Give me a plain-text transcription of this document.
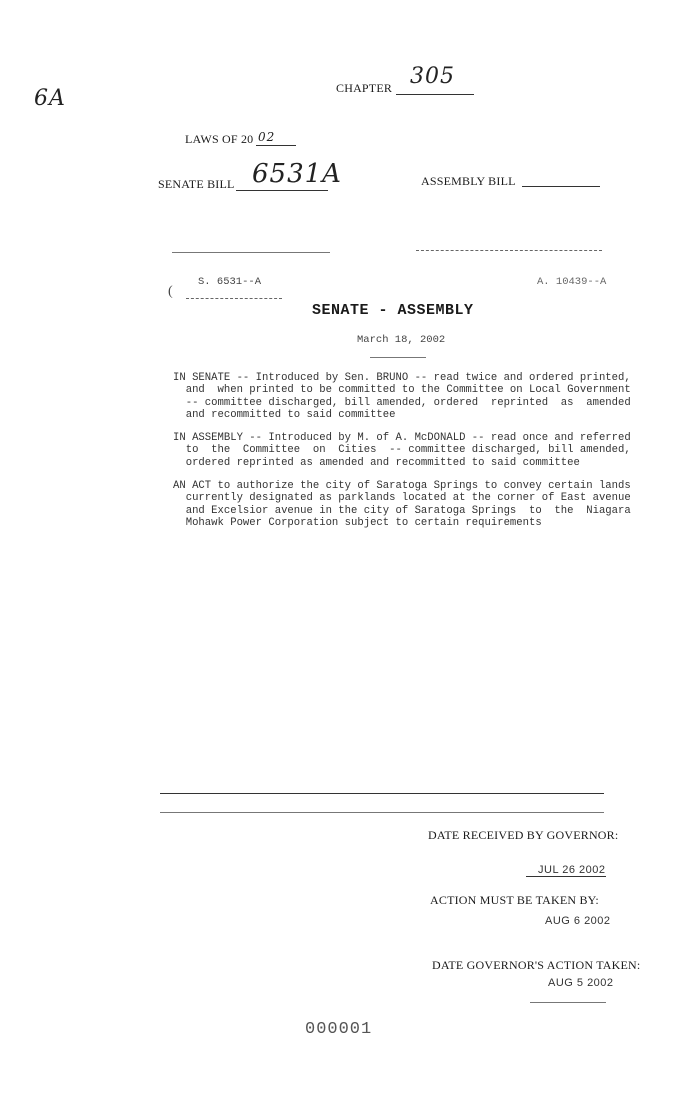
6A	CHAPTER 305
LAWS OF 20 02
SENATE BILL 6531A	ASSEMBLY BILL
S. 6531--A
(
A. 10439--A
SENATE - ASSEMBLY
March 18, 2002
IN SENATE -- Introduced by Sen. BRUNO -- read twice and ordered printed,
and  when printed to be committed to the Committee on Local Government
-- committee discharged, bill amended, ordered  reprinted  as  amended
and recommitted to said committee
IN ASSEMBLY -- Introduced by M. of A. McDONALD -- read once and referred
to  the  Committee  on  Cities  -- committee discharged, bill amended,
ordered reprinted as amended and recommitted to said committee
AN ACT to authorize the city of Saratoga Springs to convey certain lands
currently designated as parklands located at the corner of East avenue
and Excelsior avenue in the city of Saratoga Springs  to  the  Niagara
Mohawk Power Corporation subject to certain requirements
DATE RECEIVED BY GOVERNOR:
JUL 26 2002
ACTION MUST BE TAKEN BY:
AUG 6 2002
DATE GOVERNOR'S ACTION TAKEN:
AUG 5 2002
000001
